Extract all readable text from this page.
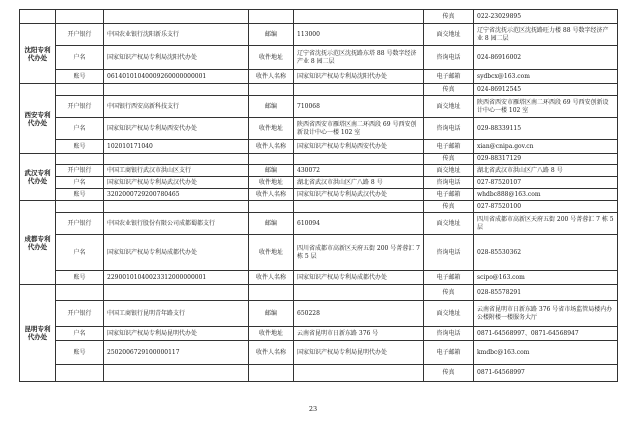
					传真	022-23029895
沈阳专利代办处	开户银行	中国农业银行沈阳新乐支行	邮编	113000	面交地址	辽宁省沈抚示范区沈抚路旺力楼 88 号数字经济产业 8 园二层
	户名	国家知识产权局专利局沈阳代办处	收件地址	辽宁省沈抚示范区沈抚路东塔 88 号数字经济产业 8 园二层	咨询电话	024-86916002
	账号	06140101040009260000000001	收件人名称	国家知识产权局专利局沈阳代办处	电子邮箱	sydbcx@163.com
西安专利代办处					传真	024-86912545
	开户银行	中国银行西安高新科技支行	邮编	710068	面交地址	陕西省西安市雁塔区南二环西段 69 号西安创新设计中心一楼 102 室
	户名	国家知识产权局专利局西安代办处	收件地址	陕西省西安市雁塔区南二环西段 69 号西安创新设计中心一楼 102 室	咨询电话	029-88339115
	账号	102010171040	收件人名称	国家知识产权局专利局西安代办处	电子邮箱	xian@cnipa.gov.cn
武汉专利代办处					传真	029-88317129
	开户银行	中国工商银行武汉市洪山区支行	邮编	430072	面交地址	湖北省武汉市洪山区广八路 8 号
	户名	国家知识产权局专利局武汉代办处	收件地址	湖北省武汉市洪山区广八路 8 号	咨询电话	027-87520107
	账号	3202000729200780465	收件人名称	国家知识产权局专利局武汉代办处	电子邮箱	whdbc888@163.com
成都专利代办处					传真	027-87520100
	开户银行	中国农业银行股份有限公司成都蜀都支行	邮编	610094	面交地址	四川省成都市高新区天府五街 200 号菁蓉汇 7 栋 5 层
	户名	国家知识产权局专利局成都代办处	收件地址	四川省成都市高新区天府五街 200 号菁蓉汇 7 栋 5 层	咨询电话	028-85530362
	账号	22900101040023312000000001	收件人名称	国家知识产权局专利局成都代办处	电子邮箱	scipo@163.com
昆明专利代办处					传真	028-85578291
	开户银行	中国工商银行昆明青年路支行	邮编	650228	面交地址	云南省昆明市日新东路 376 号省市场监管局楼内办公楼附楼一楼服务大厅
	户名	国家知识产权局专利局昆明代办处	收件地址	云南省昆明市日新东路 376 号	咨询电话	0871-64568997、0871-64568947
	账号	2502006729100000117	收件人名称	国家知识产权局专利局昆明代办处	电子邮箱	kmdbc@163.com
					传真	0871-64568997
23
